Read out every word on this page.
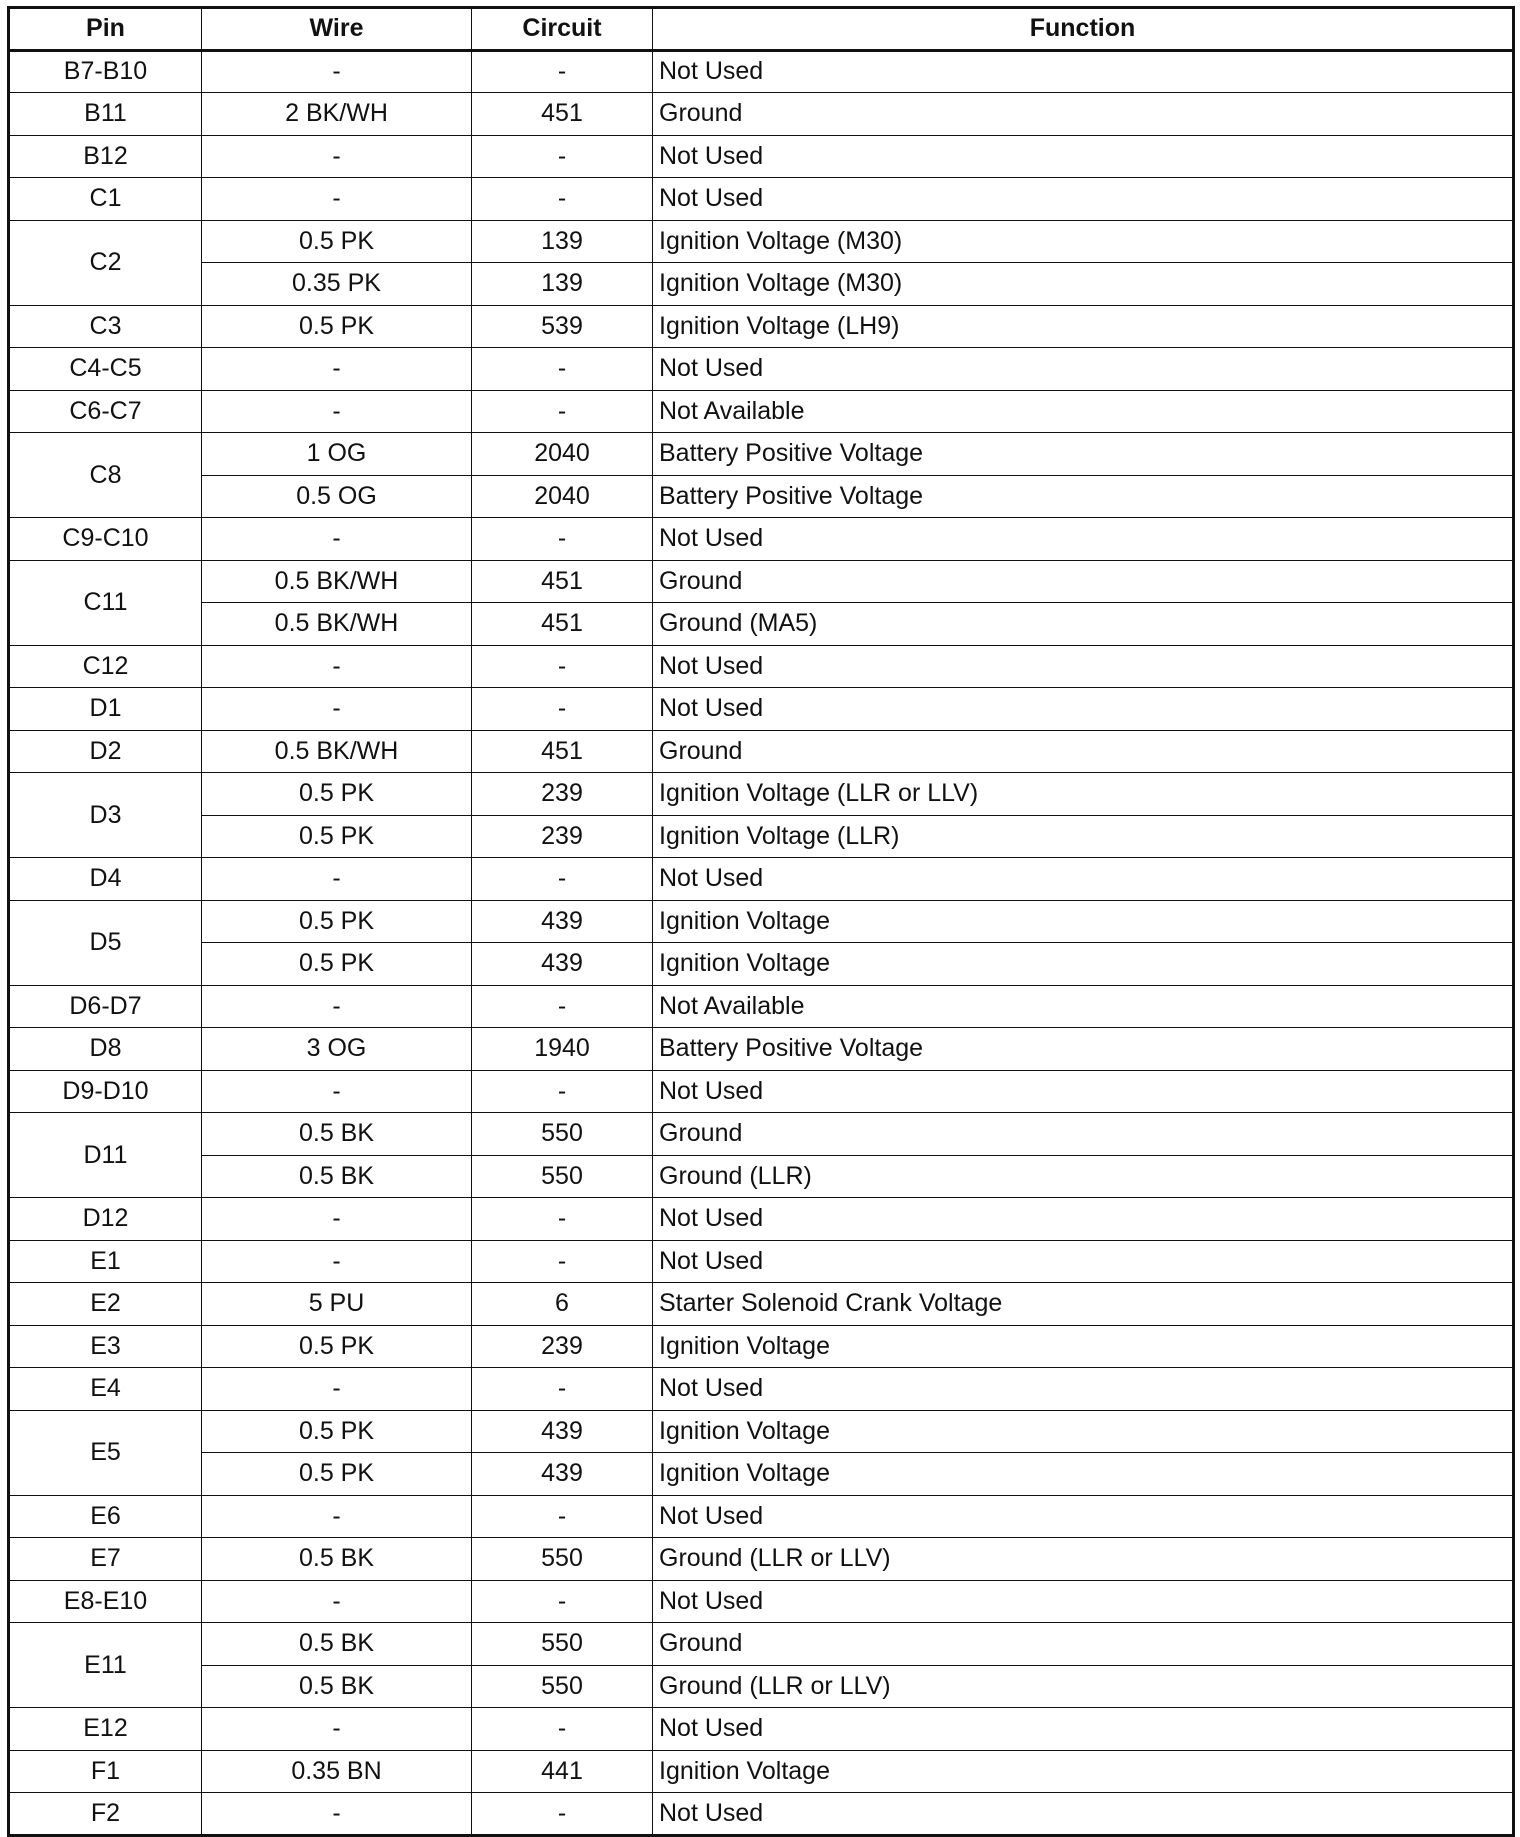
Pin	Wire	Circuit	Function
B7-B10	-	-	Not Used
B11	2 BK/WH	451	Ground
B12	-	-	Not Used
C1	-	-	Not Used
C2	0.5 PK	139	Ignition Voltage (M30)
	0.35 PK	139	Ignition Voltage (M30)
C3	0.5 PK	539	Ignition Voltage (LH9)
C4-C5	-	-	Not Used
C6-C7	-	-	Not Available
C8	1 OG	2040	Battery Positive Voltage
	0.5 OG	2040	Battery Positive Voltage
C9-C10	-	-	Not Used
C11	0.5 BK/WH	451	Ground
	0.5 BK/WH	451	Ground (MA5)
C12	-	-	Not Used
D1	-	-	Not Used
D2	0.5 BK/WH	451	Ground
D3	0.5 PK	239	Ignition Voltage (LLR or LLV)
	0.5 PK	239	Ignition Voltage (LLR)
D4	-	-	Not Used
D5	0.5 PK	439	Ignition Voltage
	0.5 PK	439	Ignition Voltage
D6-D7	-	-	Not Available
D8	3 OG	1940	Battery Positive Voltage
D9-D10	-	-	Not Used
D11	0.5 BK	550	Ground
	0.5 BK	550	Ground (LLR)
D12	-	-	Not Used
E1	-	-	Not Used
E2	5 PU	6	Starter Solenoid Crank Voltage
E3	0.5 PK	239	Ignition Voltage
E4	-	-	Not Used
E5	0.5 PK	439	Ignition Voltage
	0.5 PK	439	Ignition Voltage
E6	-	-	Not Used
E7	0.5 BK	550	Ground (LLR or LLV)
E8-E10	-	-	Not Used
E11	0.5 BK	550	Ground
	0.5 BK	550	Ground (LLR or LLV)
E12	-	-	Not Used
F1	0.35 BN	441	Ignition Voltage
F2	-	-	Not Used
